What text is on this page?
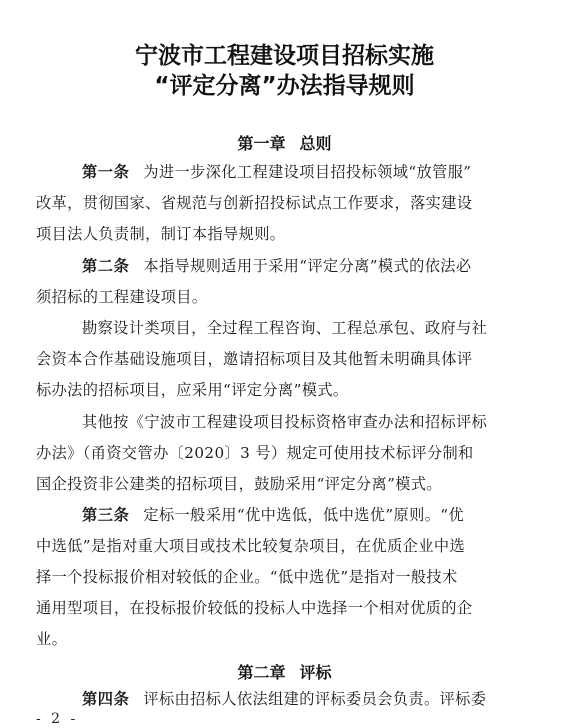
宁波市工程建设项目招标实施
“评定分离”办法指导规则
第一章 总则
第一条 为进一步深化工程建设项目招投标领域“放管服”
改革，贯彻国家、省规范与创新招投标试点工作要求，落实建设
项目法人负责制，制订本指导规则。
第二条 本指导规则适用于采用“评定分离”模式的依法必
须招标的工程建设项目。
勘察设计类项目，全过程工程咨询、工程总承包、政府与社
会资本合作基础设施项目，邀请招标项目及其他暂未明确具体评
标办法的招标项目，应采用“评定分离”模式。
其他按《宁波市工程建设项目投标资格审查办法和招标评标
办法》（甬资交管办〔2020〕3 号）规定可使用技术标评分制和
国企投资非公建类的招标项目，鼓励采用“评定分离”模式。
第三条 定标一般采用“优中选低，低中选优”原则。“优
中选低”是指对重大项目或技术比较复杂项目，在优质企业中选
择一个投标报价相对较低的企业。“低中选优”是指对一般技术
通用型项目，在投标报价较低的投标人中选择一个相对优质的企
业。
第二章 评标
第四条 评标由招标人依法组建的评标委员会负责。评标委
- 2 -
